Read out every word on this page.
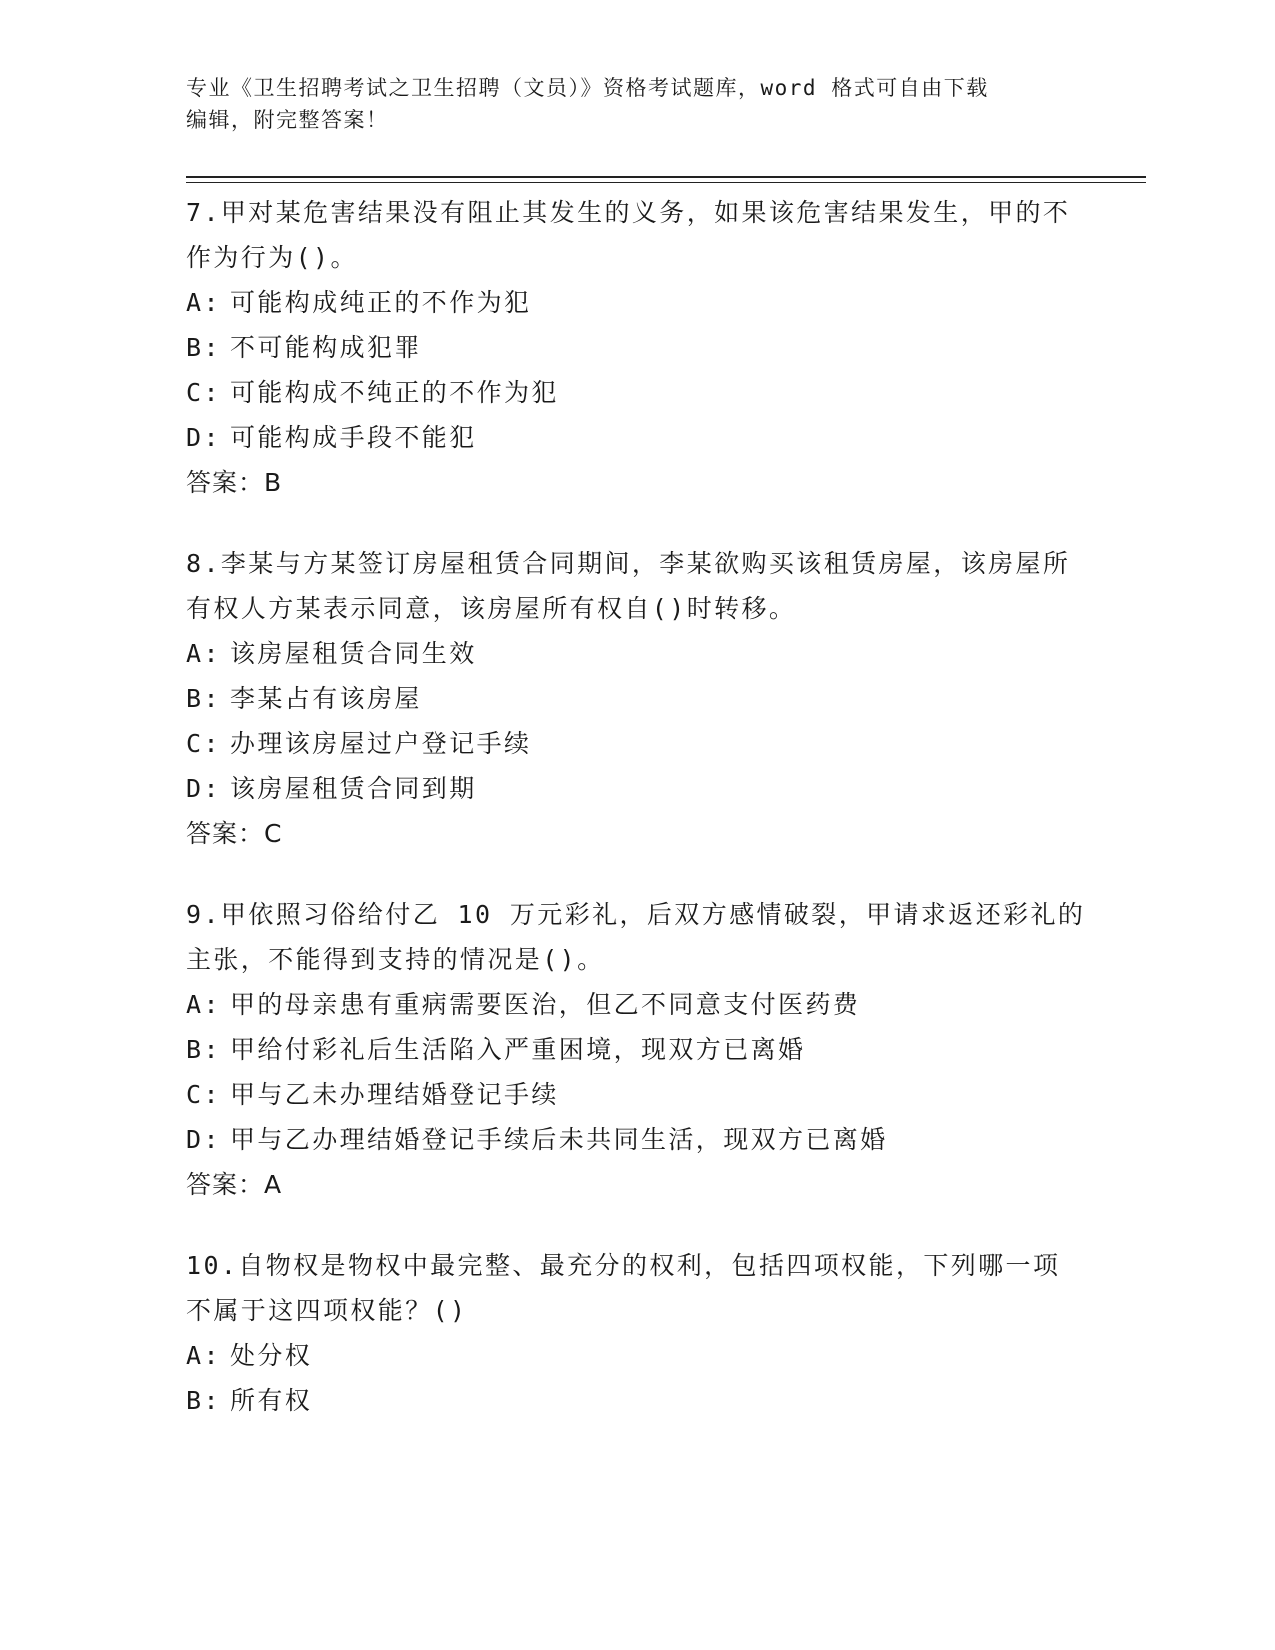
专业《卫生招聘考试之卫生招聘（文员）》资格考试题库，word 格式可自由下载
编辑，附完整答案！

7.甲对某危害结果没有阻止其发生的义务，如果该危害结果发生，甲的不作为行为()。

A: 可能构成纯正的不作为犯

B: 不可能构成犯罪

C: 可能构成不纯正的不作为犯

D: 可能构成手段不能犯

答案：B

8.李某与方某签订房屋租赁合同期间，李某欲购买该租赁房屋，该房屋所有权人方某表示同意，该房屋所有权自()时转移。

A: 该房屋租赁合同生效

B: 李某占有该房屋

C: 办理该房屋过户登记手续

D: 该房屋租赁合同到期

答案：C

9.甲依照习俗给付乙 10 万元彩礼，后双方感情破裂，甲请求返还彩礼的主张，不能得到支持的情况是()。

A: 甲的母亲患有重病需要医治，但乙不同意支付医药费

B: 甲给付彩礼后生活陷入严重困境，现双方已离婚

C: 甲与乙未办理结婚登记手续

D: 甲与乙办理结婚登记手续后未共同生活，现双方已离婚

答案：A

10.自物权是物权中最完整、最充分的权利，包括四项权能，下列哪一项不属于这四项权能？()

A: 处分权

B: 所有权
